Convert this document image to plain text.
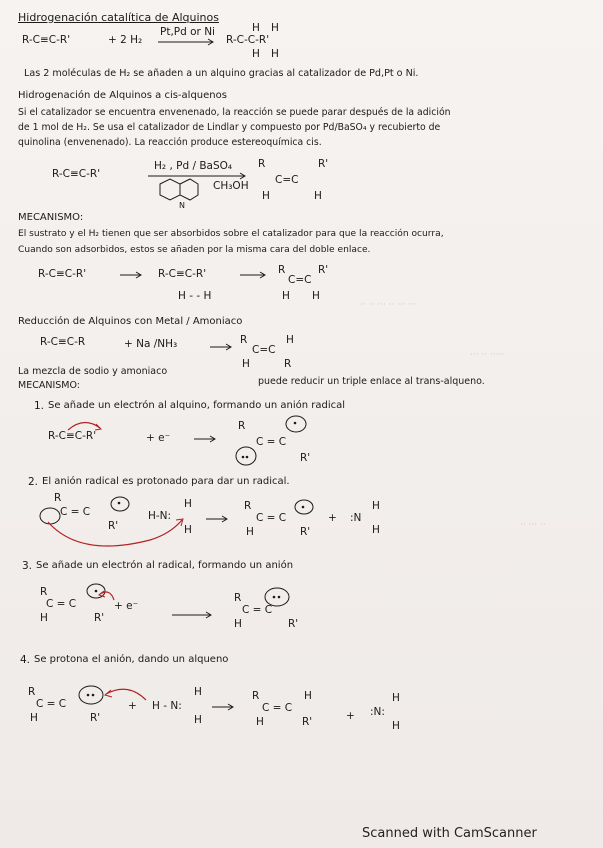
·· ·· ··· ·· ··· ···
··· ·· ·····
·· ··· ··
Hidrogenación catalítica de Alquinos
R-C≡C-R'	+ 2 H₂
Pt,Pd or Ni
R-C-C-R'
H H
H H
Las 2 moléculas de H₂ se añaden a un alquino gracias al catalizador de Pd,Pt o Ni.
Hidrogenación de Alquinos a cis-alquenos
Si el catalizador se encuentra envenenado, la reacción se puede parar después de la adición
de 1 mol de H₂. Se usa el catalizador de Lindlar y compuesto por Pd/BaSO₄ y recubierto de
quinolina (envenenado). La reacción produce estereoquímica cis.
R-C≡C-R'
H₂ , Pd / BaSO₄
N
CH₃OH
R	R'
C=C
H	H
MECANISMO:
El sustrato y el H₂ tienen que ser absorbidos sobre el catalizador para que la reacción ocurra,
Cuando son adsorbidos, estos se añaden por la misma cara del doble enlace.
R-C≡C-R'	R-C≡C-R'
H - - H
R	R'
C=C
H H
Reducción de Alquinos con Metal / Amoniaco
R-C≡C-R	+ Na /NH₃	R	H
C=C
H	R
La mezcla de sodio y amoniaco
puede reducir un triple enlace al trans-alqueno.
MECANISMO:
1. Se añade un electrón al alquino, formando un anión radical
R-C≡C-R'	+ e⁻
R
C = C
R'
2. El anión radical es protonado para dar un radical.
R
C = C
R'
H-N:
H
H
R
C = C
H	R'
+ :N
H
H
3. Se añade un electrón al radical, formando un anión
R
C = C
H	R'
+ e⁻
R
C = C
H	R'
4. Se protona el anión, dando un alqueno
R
C = C
H	R'
+ H - N:
H
H
R	H
C = C
H	R'	+ :N:
H
H
Scanned with CamScanner
